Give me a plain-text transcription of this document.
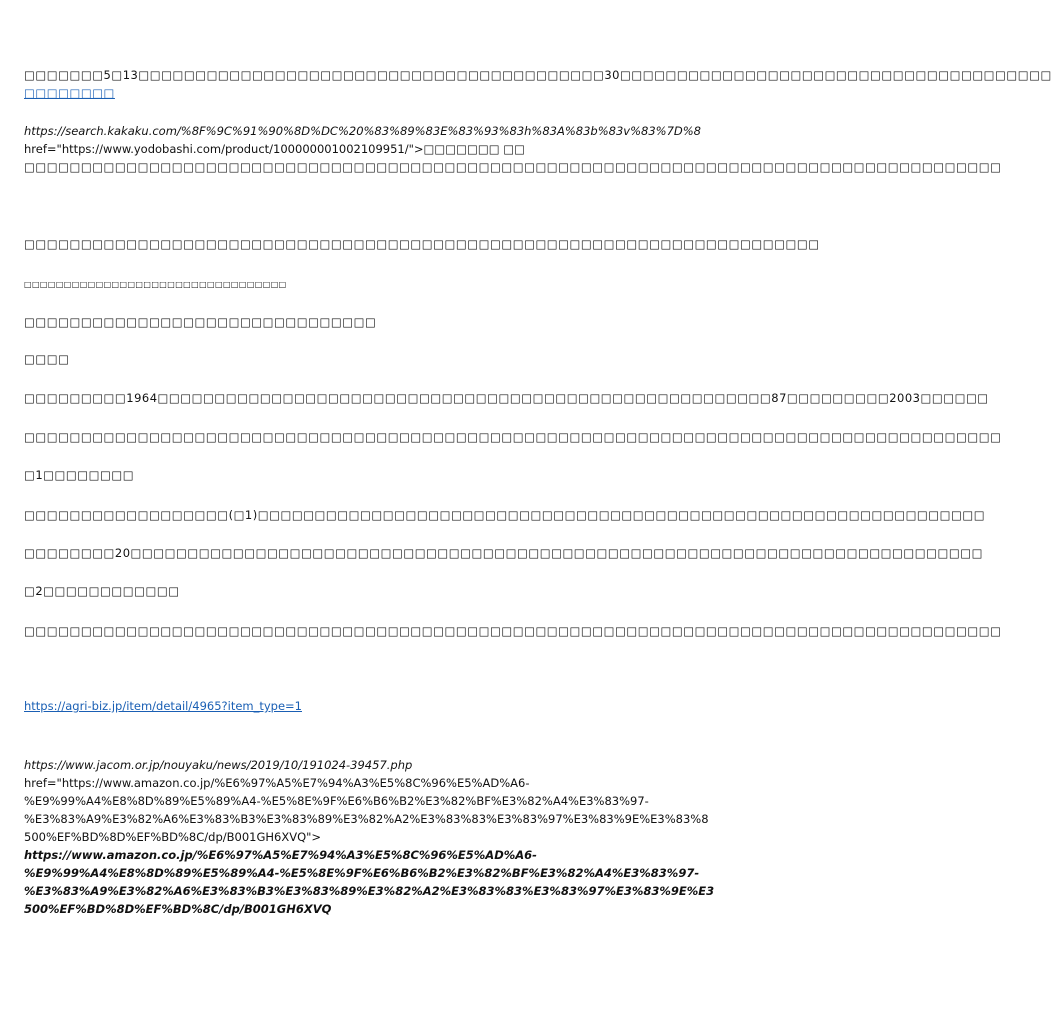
□□□□□□□5□13□□□□□□□□□□□□□□□□□□□□□□□□□□□□□□□□□□□□□□□□□30□□□□□□□□□□□□□□□□□□□□□□□□□□□□□□□□□□□□□□
□□□□□□□□
https://search.kakaku.com/%8F%9C%91%90%8D%DC%20%83%89%83E%83%93%83h%83A%83b%83v%83%7D%8
href="https://www.yodobashi.com/product/100000001002109951/">□□□□□□□ □□
□□□□□□□□□□□□□□□□□□□□□□□□□□□□□□□□□□□□□□□□□□□□□□□□□□□□□□□□□□□□□□□□□□□□□□□□□□□□□□□□□□□□□□
□□□□□□□□□□□□□□□□□□□□□□□□□□□□□□□□□□□□□□□□□□□□□□□□□□□□□□□□□□□□□□□□□□□□□□
□□□□□□□□□□□□□□□□□□□□□□□□□□□□□□□□□
□□□□□□□□□□□□□□□□□□□□□□□□□□□□□□□
□□□□
□□□□□□□□□1964□□□□□□□□□□□□□□□□□□□□□□□□□□□□□□□□□□□□□□□□□□□□□□□□□□□□□□87□□□□□□□□□2003□□□□□□
□□□□□□□□□□□□□□□□□□□□□□□□□□□□□□□□□□□□□□□□□□□□□□□□□□□□□□□□□□□□□□□□□□□□□□□□□□□□□□□□□□□□□□
□1□□□□□□□□
□□□□□□□□□□□□□□□□□□(□1)□□□□□□□□□□□□□□□□□□□□□□□□□□□□□□□□□□□□□□□□□□□□□□□□□□□□□□□□□□□□□□□□
□□□□□□□□20□□□□□□□□□□□□□□□□□□□□□□□□□□□□□□□□□□□□□□□□□□□□□□□□□□□□□□□□□□□□□□□□□□□□□□□□□□□
□2□□□□□□□□□□□□
□□□□□□□□□□□□□□□□□□□□□□□□□□□□□□□□□□□□□□□□□□□□□□□□□□□□□□□□□□□□□□□□□□□□□□□□□□□□□□□□□□□□□□
https://agri-biz.jp/item/detail/4965?item_type=1
https://www.jacom.or.jp/nouyaku/news/2019/10/191024-39457.php
href="https://www.amazon.co.jp/%E6%97%A5%E7%94%A3%E5%8C%96%E5%AD%A6-
%E9%99%A4%E8%8D%89%E5%89%A4-%E5%8E%9F%E6%B6%B2%E3%82%BF%E3%82%A4%E3%83%97-
%E3%83%A9%E3%82%A6%E3%83%B3%E3%83%89%E3%82%A2%E3%83%83%E3%83%97%E3%83%9E%E3%83%8
500%EF%BD%8D%EF%BD%8C/dp/B001GH6XVQ">
https://www.amazon.co.jp/%E6%97%A5%E7%94%A3%E5%8C%96%E5%AD%A6-
%E9%99%A4%E8%8D%89%E5%89%A4-%E5%8E%9F%E6%B6%B2%E3%82%BF%E3%82%A4%E3%83%97-
%E3%83%A9%E3%82%A6%E3%83%B3%E3%83%89%E3%82%A2%E3%83%83%E3%83%97%E3%83%9E%E3
500%EF%BD%8D%EF%BD%8C/dp/B001GH6XVQ
